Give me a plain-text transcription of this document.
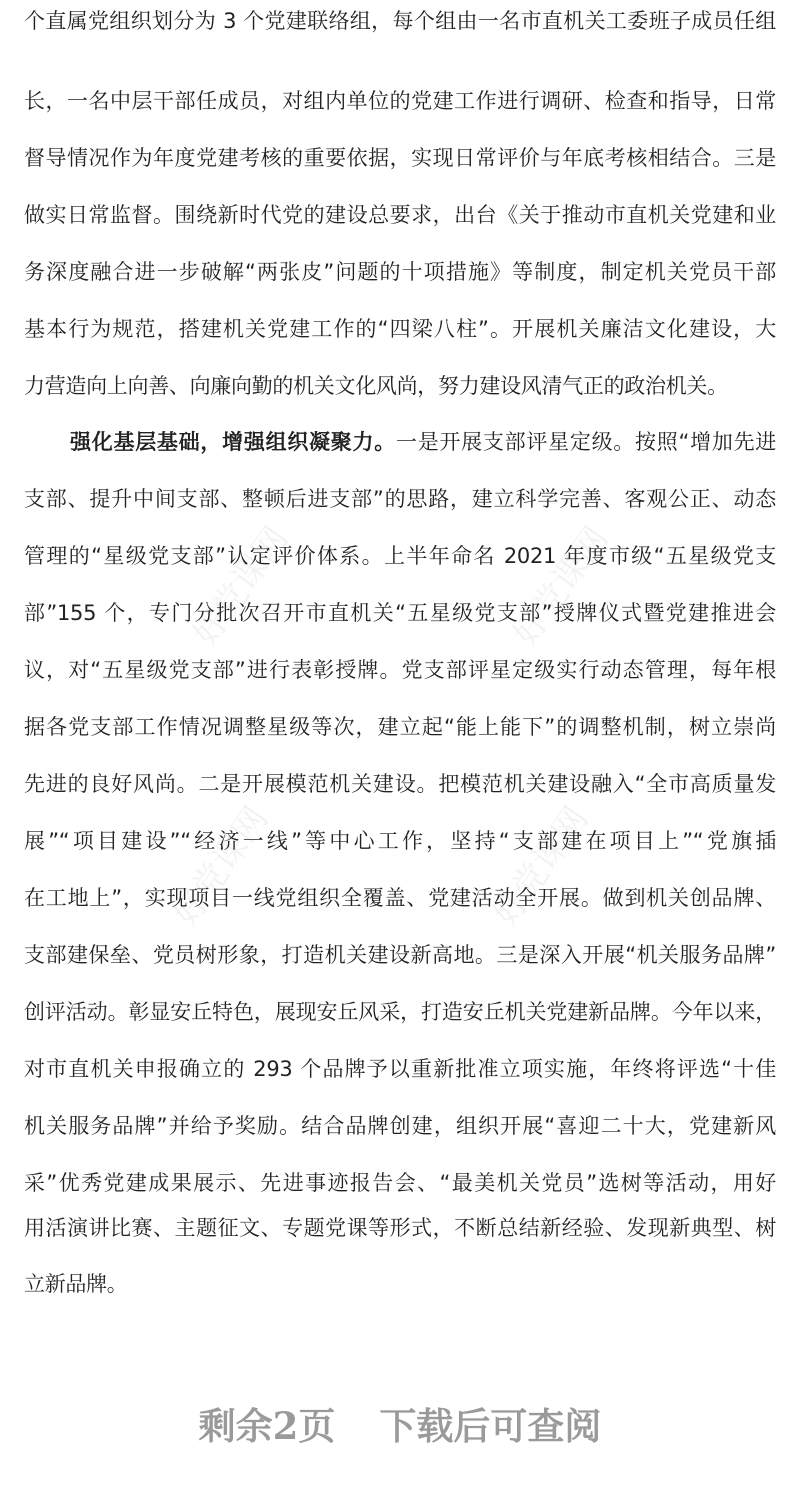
好党课网	好党课网
好党课网	好党课网
个直属党组织划分为 3 个党建联络组，每个组由一名市直机关工委班子成员任组
长，一名中层干部任成员，对组内单位的党建工作进行调研、检查和指导，日常
督导情况作为年度党建考核的重要依据，实现日常评价与年底考核相结合。三是
做实日常监督。围绕新时代党的建设总要求，出台《关于推动市直机关党建和业
务深度融合进一步破解“两张皮”问题的十项措施》等制度，制定机关党员干部
基本行为规范，搭建机关党建工作的“四梁八柱”。开展机关廉洁文化建设，大
力营造向上向善、向廉向勤的机关文化风尚，努力建设风清气正的政治机关。
强化基层基础，增强组织凝聚力。一是开展支部评星定级。按照“增加先进
支部、提升中间支部、整顿后进支部”的思路，建立科学完善、客观公正、动态
管理的“星级党支部”认定评价体系。上半年命名 2021 年度市级“五星级党支
部”155 个，专门分批次召开市直机关“五星级党支部”授牌仪式暨党建推进会
议，对“五星级党支部”进行表彰授牌。党支部评星定级实行动态管理，每年根
据各党支部工作情况调整星级等次，建立起“能上能下”的调整机制，树立崇尚
先进的良好风尚。二是开展模范机关建设。把模范机关建设融入“全市高质量发
展”“项目建设”“经济一线”等中心工作，坚持“支部建在项目上”“党旗插
在工地上”，实现项目一线党组织全覆盖、党建活动全开展。做到机关创品牌、
支部建保垒、党员树形象，打造机关建设新高地。三是深入开展“机关服务品牌”
创评活动。彰显安丘特色，展现安丘风采，打造安丘机关党建新品牌。今年以来，
对市直机关申报确立的 293 个品牌予以重新批准立项实施，年终将评选“十佳
机关服务品牌”并给予奖励。结合品牌创建，组织开展“喜迎二十大，党建新风
采”优秀党建成果展示、先进事迹报告会、“最美机关党员”选树等活动，用好
用活演讲比赛、主题征文、专题党课等形式，不断总结新经验、发现新典型、树
立新品牌。
剩余2页 下载后可查阅
